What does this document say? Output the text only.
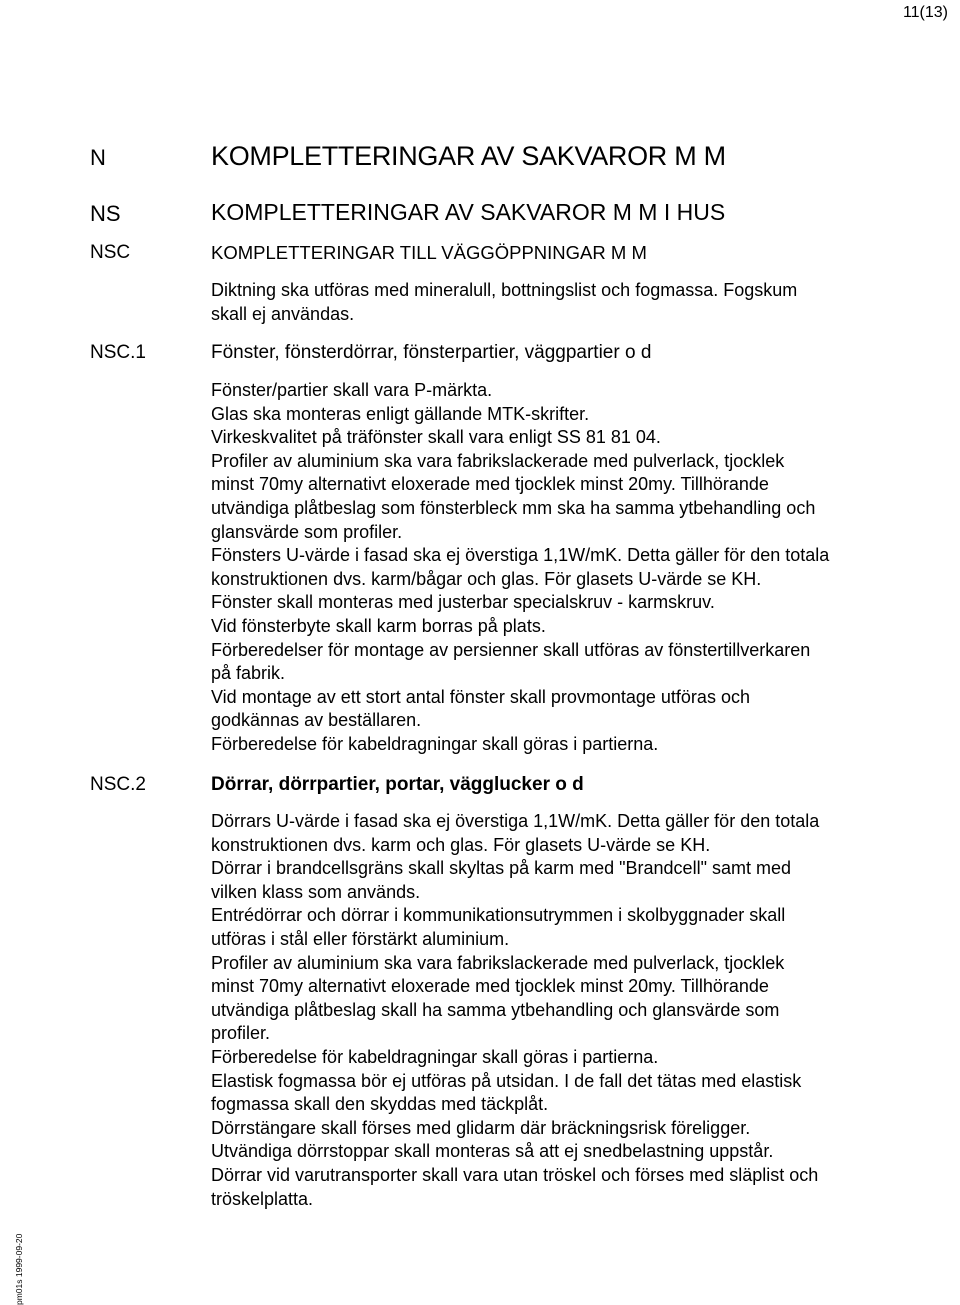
11(13)
N	KOMPLETTERINGAR AV SAKVAROR M M
NS	KOMPLETTERINGAR AV SAKVAROR M M I HUS
NSC	KOMPLETTERINGAR TILL VÄGGÖPPNINGAR M M
Diktning ska utföras med mineralull, bottningslist och fogmassa. Fogskum
skall ej användas.
NSC.1	Fönster, fönsterdörrar, fönsterpartier, väggpartier o d
Fönster/partier skall vara P-märkta.
Glas ska monteras enligt gällande MTK-skrifter.
Virkeskvalitet på träfönster skall vara enligt SS 81 81 04.
Profiler av aluminium ska vara fabrikslackerade med pulverlack, tjocklek
minst 70my alternativt eloxerade med tjocklek minst 20my. Tillhörande
utvändiga plåtbeslag som fönsterbleck mm ska ha samma ytbehandling och
glansvärde som profiler.
Fönsters U-värde i fasad ska ej överstiga 1,1W/mK. Detta gäller för den totala
konstruktionen dvs. karm/bågar och glas. För glasets U-värde se KH.
Fönster skall monteras med justerbar specialskruv - karmskruv.
Vid fönsterbyte skall karm borras på plats.
Förberedelser för montage av persienner skall utföras av fönstertillverkaren
på fabrik.
Vid montage av ett stort antal fönster skall provmontage utföras och
godkännas av beställaren.
Förberedelse för kabeldragningar skall göras i partierna.
NSC.2	Dörrar, dörrpartier, portar, vägglucker o d
Dörrars U-värde i fasad ska ej överstiga 1,1W/mK. Detta gäller för den totala
konstruktionen dvs. karm och glas. För glasets U-värde se KH.
Dörrar i brandcellsgräns skall skyltas på karm med "Brandcell" samt med
vilken klass som används.
Entrédörrar och dörrar i kommunikationsutrymmen i skolbyggnader skall
utföras i stål eller förstärkt aluminium.
Profiler av aluminium ska vara fabrikslackerade med pulverlack, tjocklek
minst 70my alternativt eloxerade med tjocklek minst 20my. Tillhörande
utvändiga plåtbeslag skall ha samma ytbehandling och glansvärde som
profiler.
Förberedelse för kabeldragningar skall göras i partierna.
Elastisk fogmassa bör ej utföras på utsidan. I de fall det tätas med elastisk
fogmassa skall den skyddas med täckplåt.
Dörrstängare skall förses med glidarm där bräckningsrisk föreligger.
Utvändiga dörrstoppar skall monteras så att ej snedbelastning uppstår.
Dörrar vid varutransporter skall vara utan tröskel och förses med släplist och
tröskelplatta.
pm01s 1999-09-20
